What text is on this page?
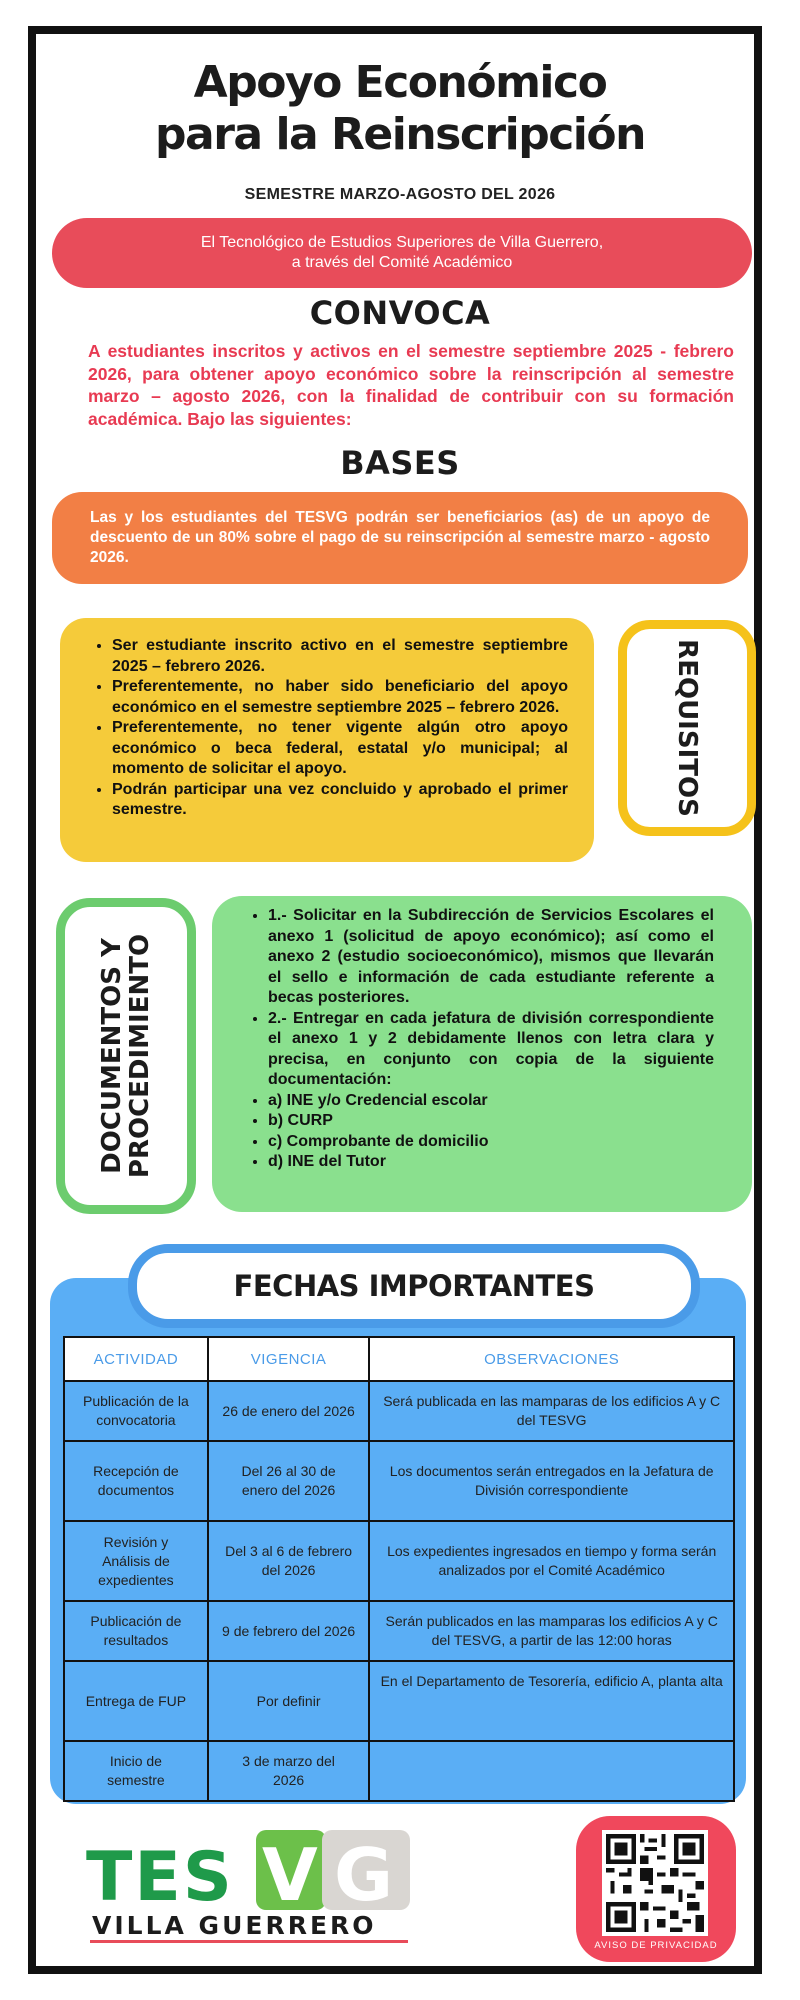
Apoyo Económico
para la Reinscripción
SEMESTRE MARZO-AGOSTO DEL 2026
El Tecnológico de Estudios Superiores de Villa Guerrero,
a través del Comité Académico
CONVOCA
A estudiantes inscritos y activos en el semestre septiembre 2025 - febrero 2026, para obtener apoyo económico sobre la reinscripción al semestre marzo – agosto 2026, con la finalidad de contribuir con su formación académica. Bajo las siguientes:
BASES
Las y los estudiantes del TESVG podrán ser beneficiarios (as) de un apoyo de descuento de un 80% sobre el pago de su reinscripción al semestre marzo - agosto 2026.
• Ser estudiante inscrito activo en el semestre septiembre 2025 – febrero 2026.
• Preferentemente, no haber sido beneficiario del apoyo económico en el semestre septiembre 2025 – febrero 2026.
• Preferentemente, no tener vigente algún otro apoyo económico o beca federal, estatal y/o municipal; al momento de solicitar el apoyo.
• Podrán participar una vez concluido y aprobado el primer semestre.	REQUISITOS
DOCUMENTOS Y
PROCEDIMIENTO
• 1.- Solicitar en la Subdirección de Servicios Escolares el anexo 1 (solicitud de apoyo económico); así como el anexo 2 (estudio socioeconómico), mismos que llevarán el sello e información de cada estudiante referente a becas posteriores.
• 2.- Entregar en cada jefatura de división correspondiente el anexo 1 y 2 debidamente llenos con letra clara y precisa, en conjunto con copia de la siguiente documentación:
• a) INE y/o Credencial escolar
• b) CURP
• c) Comprobante de domicilio
• d) INE del Tutor
FECHAS IMPORTANTES
ACTIVIDAD	VIGENCIA	OBSERVACIONES
Publicación de la convocatoria	26 de enero del 2026	Será publicada en las mamparas de los edificios A y C del TESVG
Recepción de documentos	Del 26 al 30 de enero del 2026	Los documentos serán entregados en la Jefatura de División correspondiente
Revisión y Análisis de expedientes	Del 3 al 6 de febrero del 2026	Los expedientes ingresados en tiempo y forma serán analizados por el Comité Académico
Publicación de resultados	9 de febrero del 2026	Serán publicados en las mamparas los edificios A y C del TESVG, a partir de las 12:00 horas
Entrega de FUP	Por definir	En el Departamento de Tesorería, edificio A, planta alta
Inicio de semestre	3 de marzo del 2026	
TES V G
VILLA GUERRERO
AVISO DE PRIVACIDAD
